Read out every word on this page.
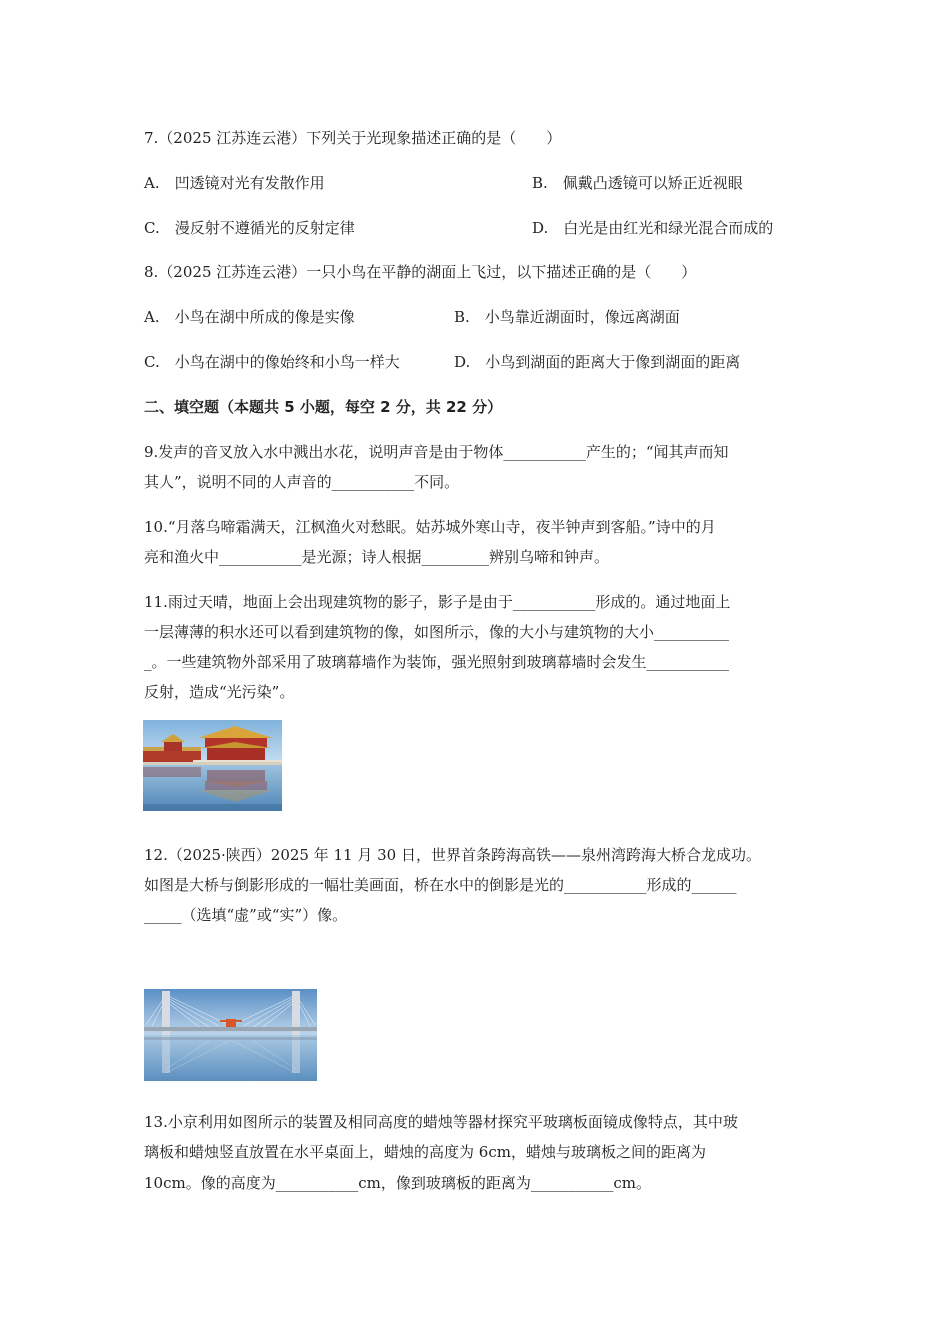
7.（2025 江苏连云港）下列关于光现象描述正确的是（　　）
A.　凹透镜对光有发散作用	B.　佩戴凸透镜可以矫正近视眼
C.　漫反射不遵循光的反射定律	D.　白光是由红光和绿光混合而成的
8.（2025 江苏连云港）一只小鸟在平静的湖面上飞过，以下描述正确的是（　　）
A.　小鸟在湖中所成的像是实像	B.　小鸟靠近湖面时，像远离湖面
C.　小鸟在湖中的像始终和小鸟一样大	D.　小鸟到湖面的距离大于像到湖面的距离
二、填空题（本题共 5 小题，每空 2 分，共 22 分）
9.发声的音叉放入水中溅出水花，说明声音是由于物体___________产生的；“闻其声而知
其人”，说明不同的人声音的___________不同。
10.“月落乌啼霜满天，江枫渔火对愁眠。姑苏城外寒山寺，夜半钟声到客船。”诗中的月
亮和渔火中___________是光源；诗人根据_________辨别乌啼和钟声。
11.雨过天晴，地面上会出现建筑物的影子，影子是由于___________形成的。通过地面上
一层薄薄的积水还可以看到建筑物的像，如图所示，像的大小与建筑物的大小__________
_。一些建筑物外部采用了玻璃幕墙作为装饰，强光照射到玻璃幕墙时会发生___________
反射，造成“光污染”。
12.（2025·陕西）2025 年 11 月 30 日，世界首条跨海高铁——泉州湾跨海大桥合龙成功。
如图是大桥与倒影形成的一幅壮美画面，桥在水中的倒影是光的___________形成的______
_____（选填“虚”或“实”）像。
13.小京利用如图所示的装置及相同高度的蜡烛等器材探究平玻璃板面镜成像特点，其中玻
璃板和蜡烛竖直放置在水平桌面上，蜡烛的高度为 6cm，蜡烛与玻璃板之间的距离为
10cm。像的高度为___________cm，像到玻璃板的距离为___________cm。
